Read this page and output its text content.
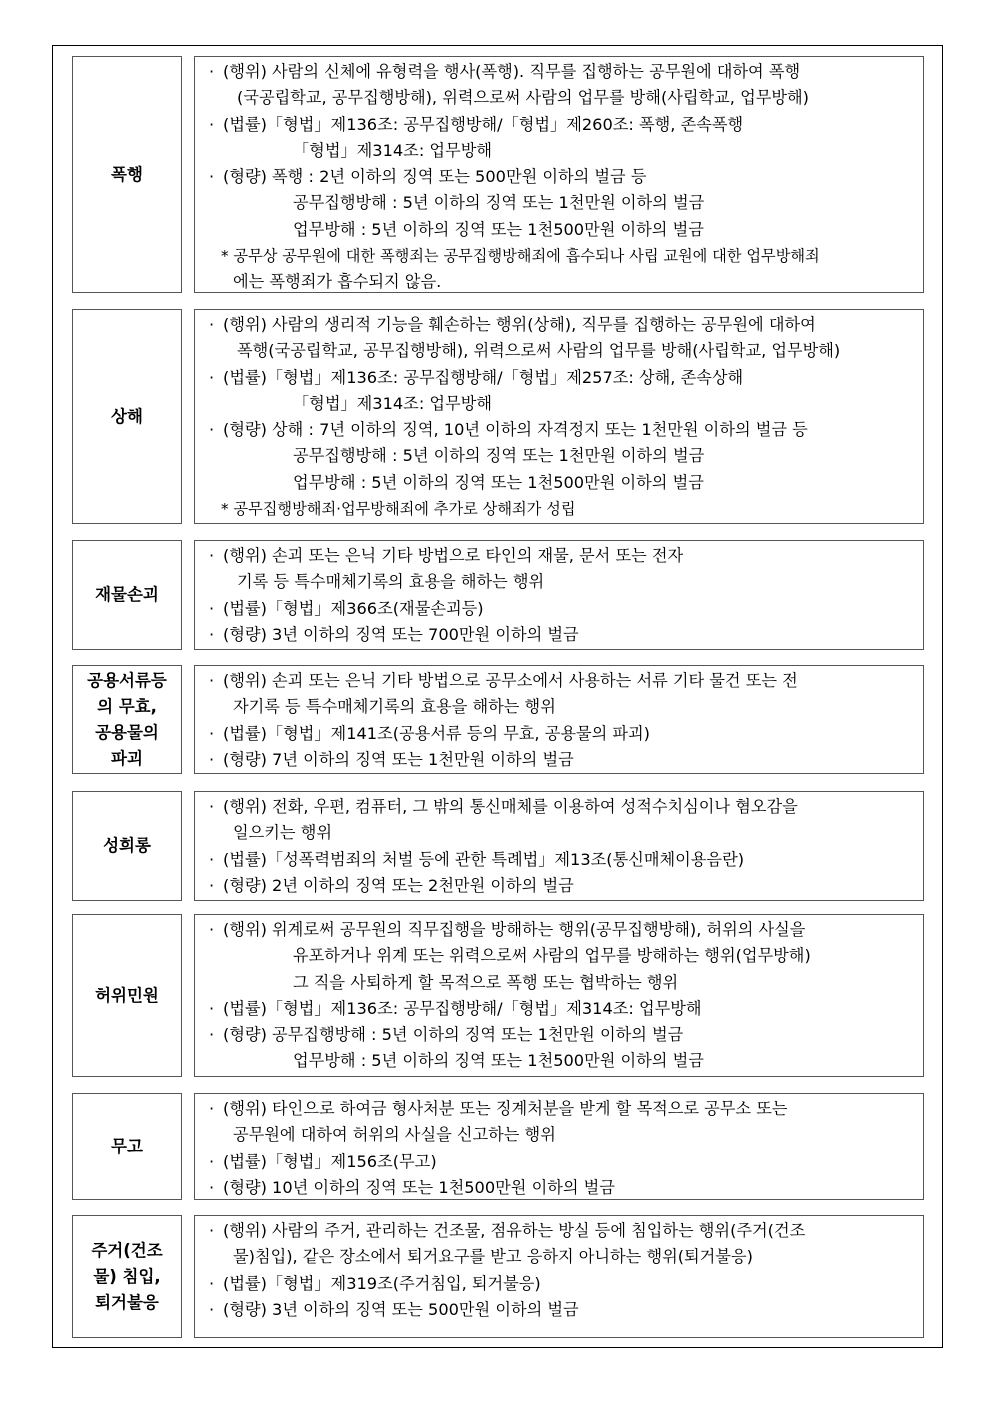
폭행
· (행위) 사람의 신체에 유형력을 행사(폭행). 직무를 집행하는 공무원에 대하여 폭행
(국공립학교, 공무집행방해), 위력으로써 사람의 업무를 방해(사립학교, 업무방해)
· (법률)「형법」제136조: 공무집행방해/「형법」제260조: 폭행, 존속폭행
「형법」제314조: 업무방해
· (형량) 폭행 : 2년 이하의 징역 또는 500만원 이하의 벌금 등
공무집행방해 : 5년 이하의 징역 또는 1천만원 이하의 벌금
업무방해 : 5년 이하의 징역 또는 1천500만원 이하의 벌금
* 공무상 공무원에 대한 폭행죄는 공무집행방해죄에 흡수되나 사립 교원에 대한 업무방해죄
에는 폭행죄가 흡수되지 않음.
상해
· (행위) 사람의 생리적 기능을 훼손하는 행위(상해), 직무를 집행하는 공무원에 대하여
폭행(국공립학교, 공무집행방해), 위력으로써 사람의 업무를 방해(사립학교, 업무방해)
· (법률)「형법」제136조: 공무집행방해/「형법」제257조: 상해, 존속상해
「형법」제314조: 업무방해
· (형량) 상해 : 7년 이하의 징역, 10년 이하의 자격정지 또는 1천만원 이하의 벌금 등
공무집행방해 : 5년 이하의 징역 또는 1천만원 이하의 벌금
업무방해 : 5년 이하의 징역 또는 1천500만원 이하의 벌금
* 공무집행방해죄·업무방해죄에 추가로 상해죄가 성립
재물손괴
· (행위) 손괴 또는 은닉 기타 방법으로 타인의 재물, 문서 또는 전자
기록 등 특수매체기록의 효용을 해하는 행위
· (법률)「형법」제366조(재물손괴등)
· (형량) 3년 이하의 징역 또는 700만원 이하의 벌금
공용서류등
의 무효,
공용물의
파괴
· (행위) 손괴 또는 은닉 기타 방법으로 공무소에서 사용하는 서류 기타 물건 또는 전
자기록 등 특수매체기록의 효용을 해하는 행위
· (법률)「형법」제141조(공용서류 등의 무효, 공용물의 파괴)
· (형량) 7년 이하의 징역 또는 1천만원 이하의 벌금
성희롱
· (행위) 전화, 우편, 컴퓨터, 그 밖의 통신매체를 이용하여 성적수치심이나 혐오감을
일으키는 행위
· (법률)「성폭력범죄의 처벌 등에 관한 특례법」제13조(통신매체이용음란)
· (형량) 2년 이하의 징역 또는 2천만원 이하의 벌금
허위민원
· (행위) 위계로써 공무원의 직무집행을 방해하는 행위(공무집행방해), 허위의 사실을
유포하거나 위계 또는 위력으로써 사람의 업무를 방해하는 행위(업무방해)
그 직을 사퇴하게 할 목적으로 폭행 또는 협박하는 행위
· (법률)「형법」제136조: 공무집행방해/「형법」제314조: 업무방해
· (형량) 공무집행방해 : 5년 이하의 징역 또는 1천만원 이하의 벌금
업무방해 : 5년 이하의 징역 또는 1천500만원 이하의 벌금
무고
· (행위) 타인으로 하여금 형사처분 또는 징계처분을 받게 할 목적으로 공무소 또는
공무원에 대하여 허위의 사실을 신고하는 행위
· (법률)「형법」제156조(무고)
· (형량) 10년 이하의 징역 또는 1천500만원 이하의 벌금
주거(건조
물) 침입,
퇴거불응
· (행위) 사람의 주거, 관리하는 건조물, 점유하는 방실 등에 침입하는 행위(주거(건조
물)침입), 같은 장소에서 퇴거요구를 받고 응하지 아니하는 행위(퇴거불응)
· (법률)「형법」제319조(주거침입, 퇴거불응)
· (형량) 3년 이하의 징역 또는 500만원 이하의 벌금
